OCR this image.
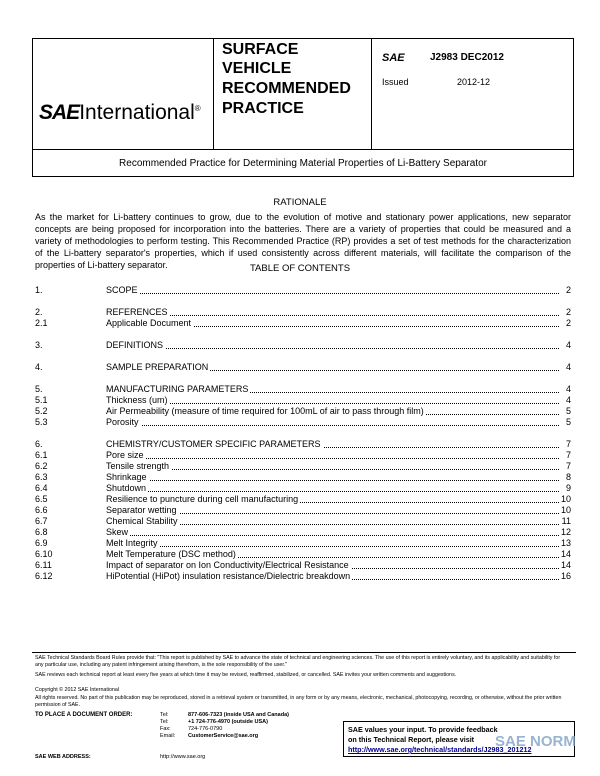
SAEInternational®
SURFACE
VEHICLE
RECOMMENDED
PRACTICE
SAE	J2983 DEC2012
Issued	2012-12
Recommended Practice for Determining Material Properties of Li-Battery Separator
RATIONALE
As the market for Li-battery continues to grow, due to the evolution of motive and stationary power applications, new separator concepts are being proposed for incorporation into the batteries. There are a variety of properties that could be measured and a variety of methodologies to perform testing. This Recommended Practice (RP) provides a set of test methods for the characterization of the Li-battery separator's properties, which if used consistently across different materials, will facilitate the comparison of the properties of Li-battery separator.	TABLE OF CONTENTS
1.	SCOPE	2
2.	REFERENCES	2
2.1	Applicable Document	2
3.	DEFINITIONS	4
4.	SAMPLE PREPARATION	4
5.	MANUFACTURING PARAMETERS	4
5.1	Thickness (um)	4
5.2	Air Permeability (measure of time required for 100mL of air to pass through film)	5
5.3	Porosity	5
6.	CHEMISTRY/CUSTOMER SPECIFIC PARAMETERS	7
6.1	Pore size	7
6.2	Tensile strength	7
6.3	Shrinkage	8
6.4	Shutdown	9
6.5	Resilience to puncture during cell manufacturing	10
6.6	Separator wetting	10
6.7	Chemical Stability	11
6.8	Skew	12
6.9	Melt Integrity	13
6.10	Melt Temperature (DSC method)	14
6.11	Impact of separator on Ion Conductivity/Electrical Resistance	14
6.12	HiPotential (HiPot) insulation resistance/Dielectric breakdown	16
SAE Technical Standards Board Rules provide that: "This report is published by SAE to advance the state of technical and engineering sciences. The use of this report is entirely voluntary, and its applicability and suitability for any particular use, including any patent infringement arising therefrom, is the sole responsibility of the user."
SAE reviews each technical report at least every five years at which time it may be revised, reaffirmed, stabilized, or cancelled. SAE invites your written comments and suggestions.
Copyright © 2012 SAE International
All rights reserved. No part of this publication may be reproduced, stored in a retrieval system or transmitted, in any form or by any means, electronic, mechanical, photocopying, recording, or otherwise, without the prior written permission of SAE.
TO PLACE A DOCUMENT ORDER:	Tel:	877-606-7323 (inside USA and Canada)
Tel:	+1 724-776-4970 (outside USA)
Fax:	724-776-0790
Email: CustomerService@sae.org
SAE WEB ADDRESS:	http://www.sae.org
SAE values your input. To provide feedback
on this Technical Report, please visit
http://www.sae.org/technical/standards/J2983_201212
SAE NORM
